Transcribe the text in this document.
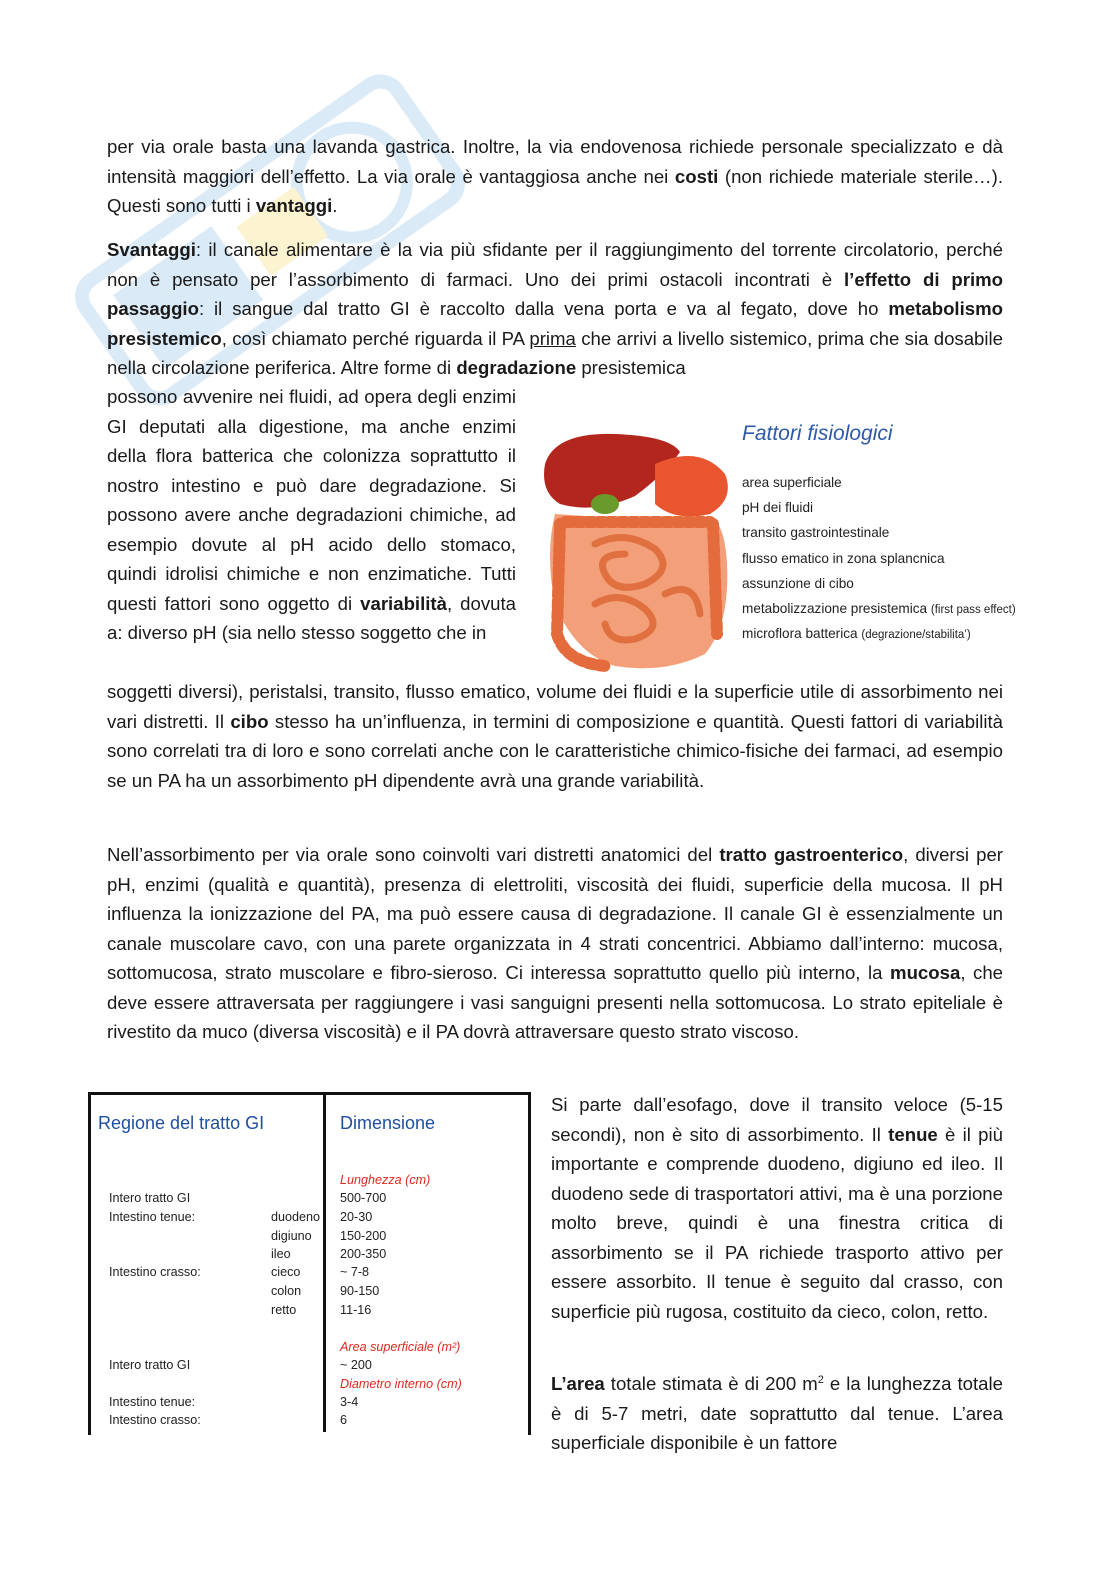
per via orale basta una lavanda gastrica. Inoltre, la via endovenosa richiede personale specializzato e dà intensità maggiori dell’effetto. La via orale è vantaggiosa anche nei costi (non richiede materiale sterile…). Questi sono tutti i vantaggi.

Svantaggi: il canale alimentare è la via più sfidante per il raggiungimento del torrente circolatorio, perché non è pensato per l’assorbimento di farmaci. Uno dei primi ostacoli incontrati è l’effetto di primo passaggio: il sangue dal tratto GI è raccolto dalla vena porta e va al fegato, dove ho metabolismo presistemico, così chiamato perché riguarda il PA prima che arrivi a livello sistemico, prima che sia dosabile nella circolazione periferica. Altre forme di degradazione presistemica

possono avvenire nei fluidi, ad opera degli enzimi GI deputati alla digestione, ma anche enzimi della flora batterica che colonizza soprattutto il nostro intestino e può dare degradazione. Si possono avere anche degradazioni chimiche, ad esempio dovute al pH acido dello stomaco, quindi idrolisi chimiche e non enzimatiche. Tutti questi fattori sono oggetto di variabilità, dovuta a: diverso pH (sia nello stesso soggetto che in

Fattori fisiologici
area superficiale
pH dei fluidi
transito gastrointestinale
flusso ematico in zona splancnica
assunzione di cibo
metabolizzazione presistemica (first pass effect)
microflora batterica (degrazione/stabilita’)

soggetti diversi), peristalsi, transito, flusso ematico, volume dei fluidi e la superficie utile di assorbimento nei vari distretti. Il cibo stesso ha un’influenza, in termini di composizione e quantità. Questi fattori di variabilità sono correlati tra di loro e sono correlati anche con le caratteristiche chimico-fisiche dei farmaci, ad esempio se un PA ha un assorbimento pH dipendente avrà una grande variabilità.

Nell’assorbimento per via orale sono coinvolti vari distretti anatomici del tratto gastroenterico, diversi per pH, enzimi (qualità e quantità), presenza di elettroliti, viscosità dei fluidi, superficie della mucosa. Il pH influenza la ionizzazione del PA, ma può essere causa di degradazione. Il canale GI è essenzialmente un canale muscolare cavo, con una parete organizzata in 4 strati concentrici. Abbiamo dall’interno: mucosa, sottomucosa, strato muscolare e fibro-sieroso. Ci interessa soprattutto quello più interno, la mucosa, che deve essere attraversata per raggiungere i vasi sanguigni presenti nella sottomucosa. Lo strato epiteliale è rivestito da muco (diversa viscosità) e il PA dovrà attraversare questo strato viscoso.

Regione del tratto GI	Dimensione
Lunghezza (cm)
Intero tratto GI	500-700
Intestino tenue:	duodeno 20-30
digiuno 150-200
ileo	200-350
Intestino crasso:	cieco	~ 7-8
colon	90-150
retto	11-16
Area superficiale (m²)
Intero tratto GI	~ 200
Diametro interno (cm)
Intestino tenue:	3-4
Intestino crasso:	6

Si parte dall’esofago, dove il transito veloce (5-15 secondi), non è sito di assorbimento. Il tenue è il più importante e comprende duodeno, digiuno ed ileo. Il duodeno sede di trasportatori attivi, ma è una porzione molto breve, quindi è una finestra critica di assorbimento se il PA richiede trasporto attivo per essere assorbito. Il tenue è seguito dal crasso, con superficie più rugosa, costituito da cieco, colon, retto.

L’area totale stimata è di 200 $m^2$ e la lunghezza totale è di 5-7 metri, date soprattutto dal tenue. L’area superficiale disponibile è un fattore
